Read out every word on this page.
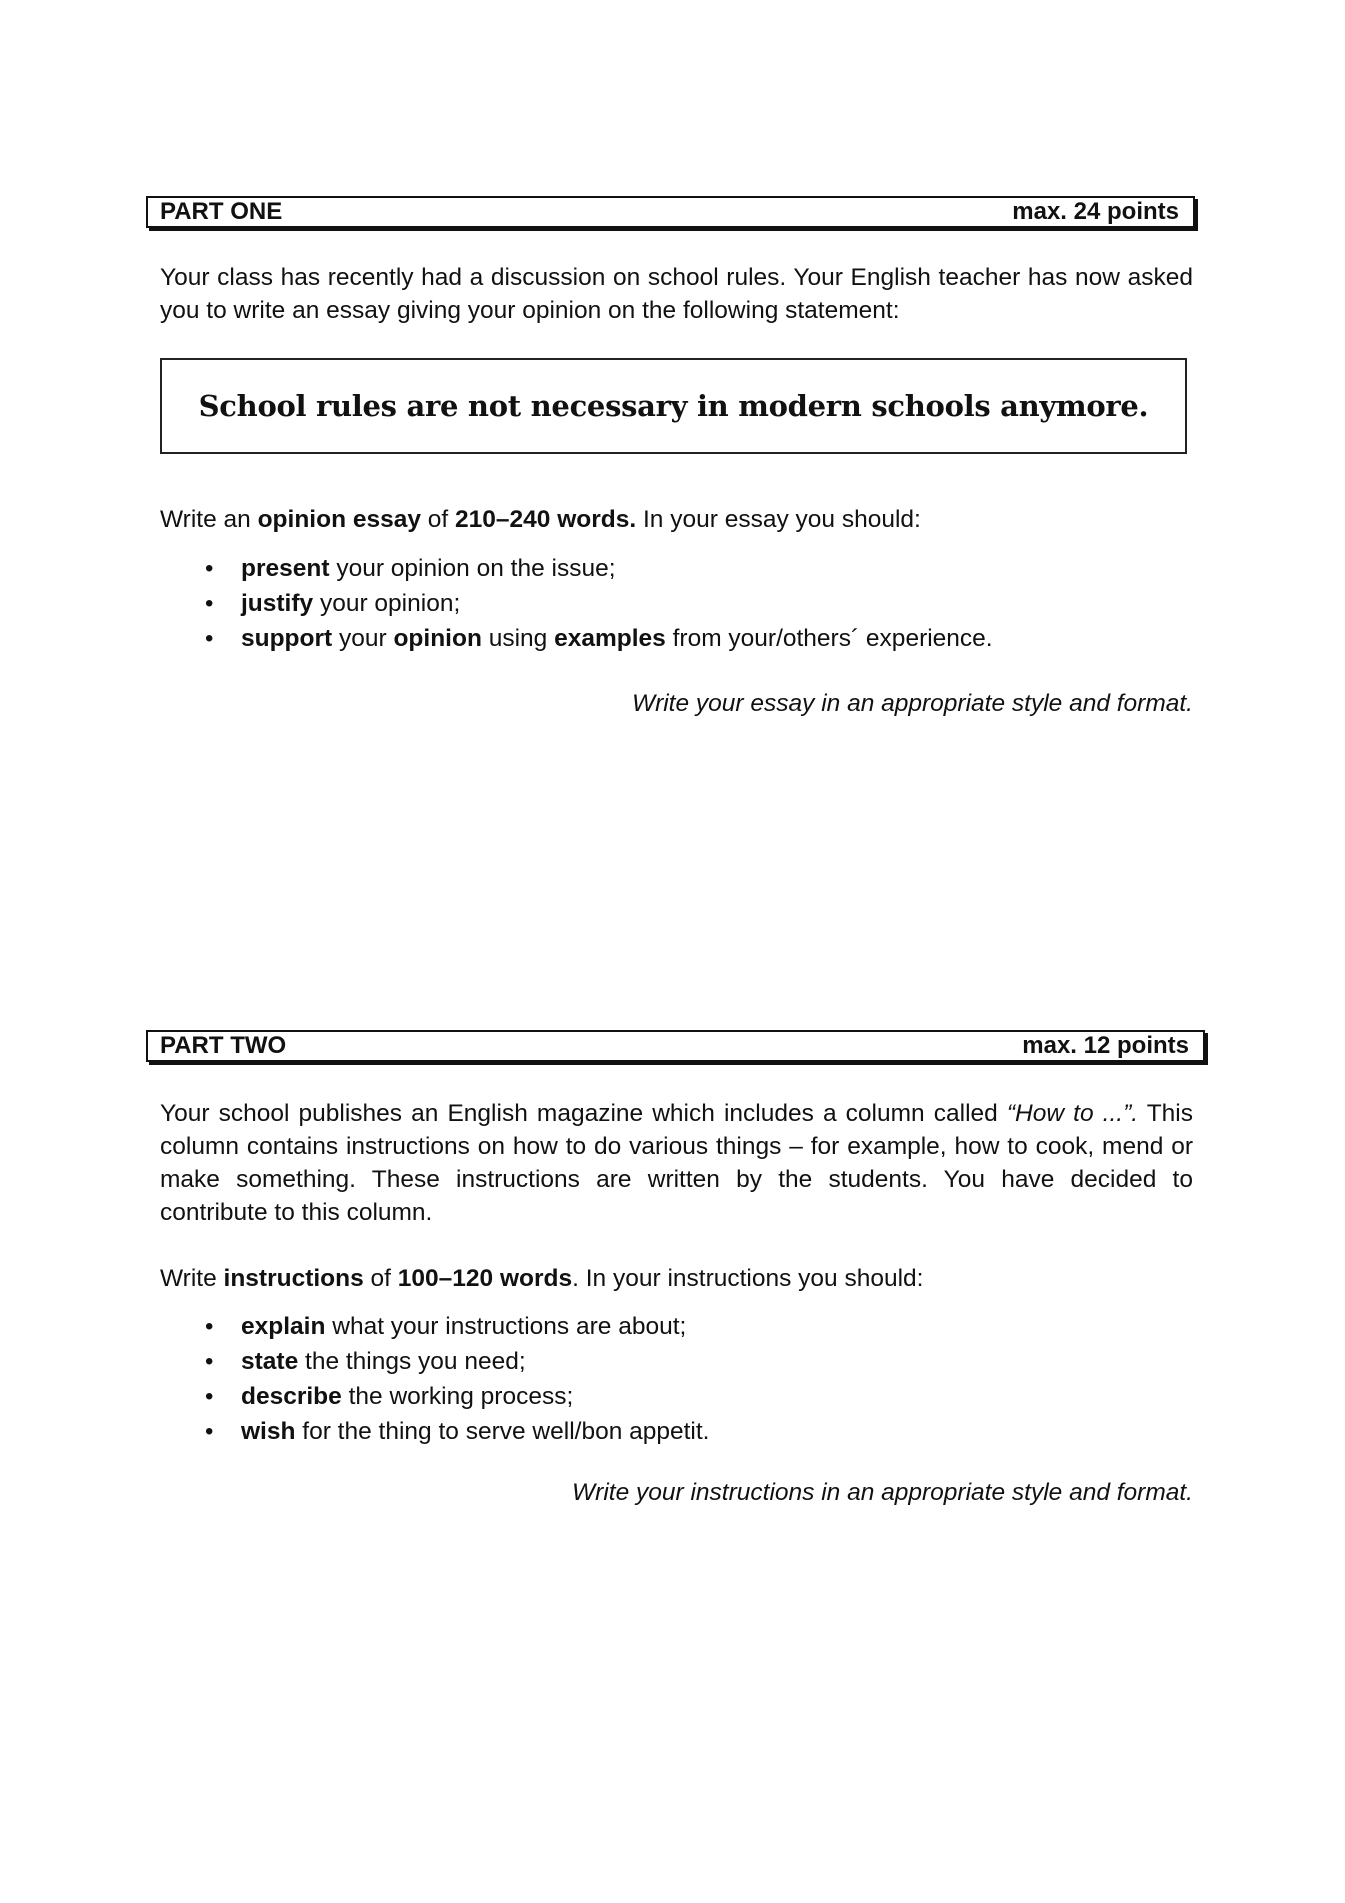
PART ONE	max. 24 points

Your class has recently had a discussion on school rules. Your English teacher has now asked you to write an essay giving your opinion on the following statement:

School rules are not necessary in modern schools anymore.

Write an opinion essay of 210–240 words. In your essay you should:

• present your opinion on the issue;
• justify your opinion;
• support your opinion using examples from your/others´ experience.

Write your essay in an appropriate style and format.

PART TWO	max. 12 points

Your school publishes an English magazine which includes a column called “How to ...”. This column contains instructions on how to do various things – for example, how to cook, mend or make something. These instructions are written by the students. You have decided to contribute to this column.

Write instructions of 100–120 words. In your instructions you should:

• explain what your instructions are about;
• state the things you need;
• describe the working process;
• wish for the thing to serve well/bon appetit.

Write your instructions in an appropriate style and format.
